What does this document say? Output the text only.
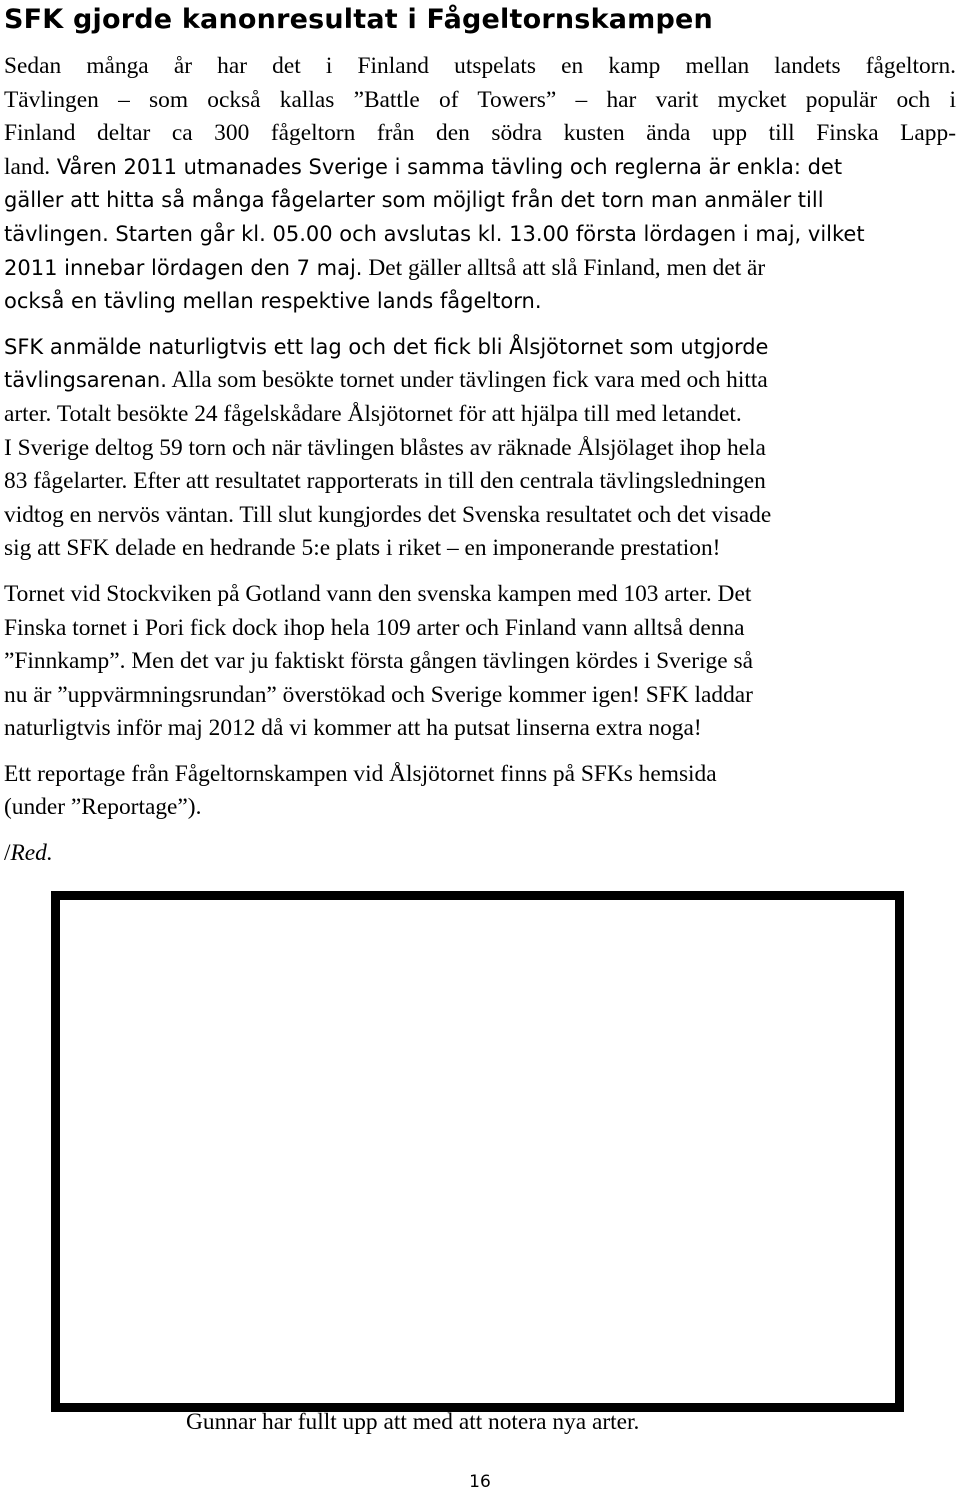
SFK gjorde kanonresultat i Fågeltornskampen

Sedan många år har det i Finland utspelats en kamp mellan landets fågeltorn.
Tävlingen – som också kallas ”Battle of Towers” – har varit mycket populär och i
Finland deltar ca 300 fågeltorn från den södra kusten ända upp till Finska Lapp-
land. Våren 2011 utmanades Sverige i samma tävling och reglerna är enkla: det
gäller att hitta så många fågelarter som möjligt från det torn man anmäler till
tävlingen. Starten går kl. 05.00 och avslutas kl. 13.00 första lördagen i maj, vilket
2011 innebar lördagen den 7 maj. Det gäller alltså att slå Finland, men det är
också en tävling mellan respektive lands fågeltorn.

SFK anmälde naturligtvis ett lag och det fick bli Ålsjötornet som utgjorde
tävlingsarenan. Alla som besökte tornet under tävlingen fick vara med och hitta
arter. Totalt besökte 24 fågelskådare Ålsjötornet för att hjälpa till med letandet.
I Sverige deltog 59 torn och när tävlingen blåstes av räknade Ålsjölaget ihop hela
83 fågelarter. Efter att resultatet rapporterats in till den centrala tävlingsledningen
vidtog en nervös väntan. Till slut kungjordes det Svenska resultatet och det visade
sig att SFK delade en hedrande 5:e plats i riket – en imponerande prestation!

Tornet vid Stockviken på Gotland vann den svenska kampen med 103 arter. Det
Finska tornet i Pori fick dock ihop hela 109 arter och Finland vann alltså denna
”Finnkamp”. Men det var ju faktiskt första gången tävlingen kördes i Sverige så
nu är ”uppvärmningsrundan” överstökad och Sverige kommer igen! SFK laddar
naturligtvis inför maj 2012 då vi kommer att ha putsat linserna extra noga!

Ett reportage från Fågeltornskampen vid Ålsjötornet finns på SFKs hemsida
(under ”Reportage”).

/Red.

Gunnar har fullt upp att med att notera nya arter.

16
